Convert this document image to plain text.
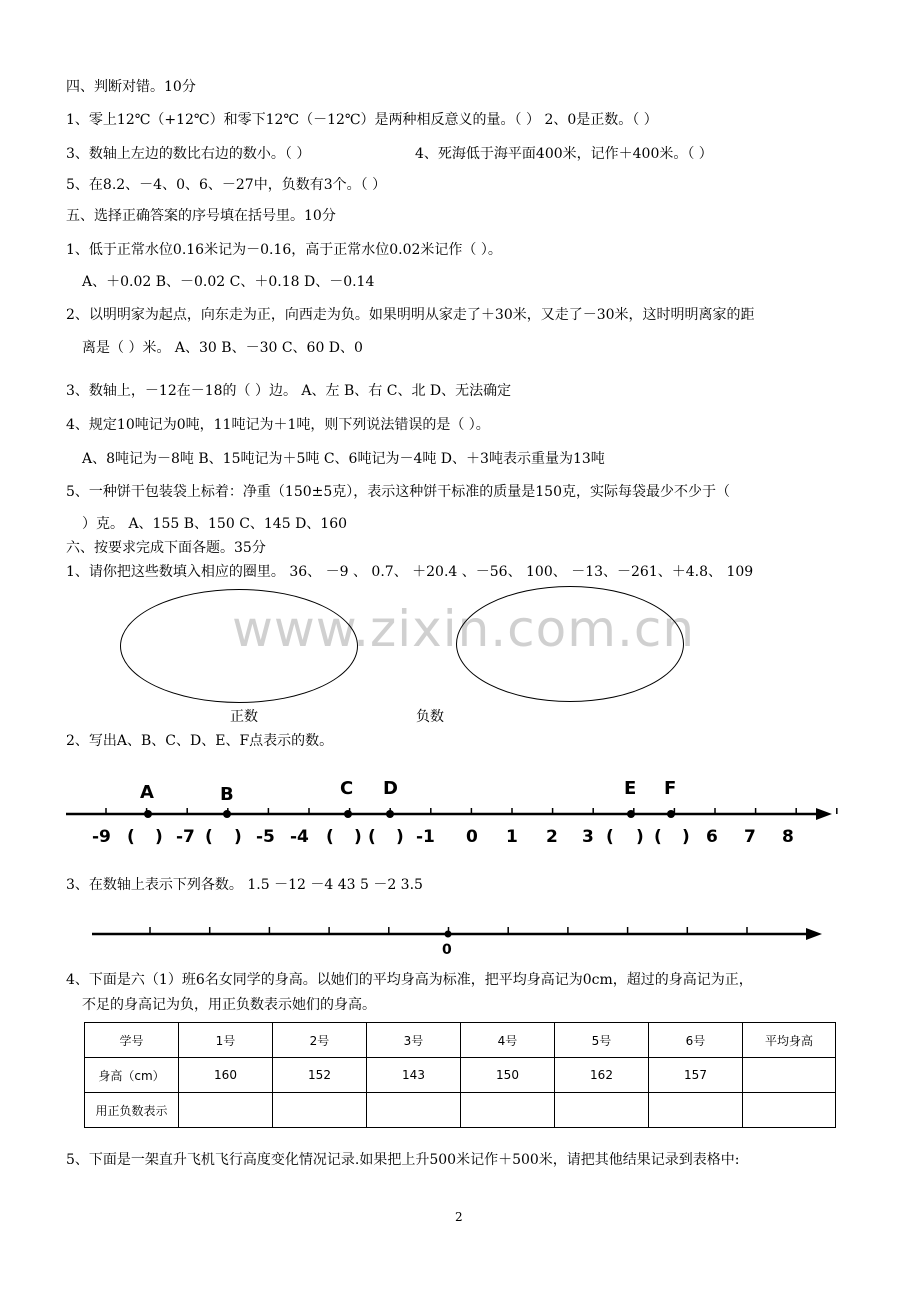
www.zixin.com.cn
四、判断对错。10分
1、零上12℃（+12℃）和零下12℃（－12℃）是两种相反意义的量。（ ） 2、0是正数。（ ）
3、数轴上左边的数比右边的数小。（ ）	4、死海低于海平面400米，记作＋400米。（ ）
5、在8.2、－4、0、6、－27中，负数有3个。（ ）
五、选择正确答案的序号填在括号里。10分
1、低于正常水位0.16米记为－0.16，高于正常水位0.02米记作（ ）。
A、＋0.02 B、－0.02 C、＋0.18 D、－0.14
2、以明明家为起点，向东走为正，向西走为负。如果明明从家走了＋30米，又走了－30米，这时明明离家的距
离是（ ）米。 A、30 B、－30 C、60 D、0
3、数轴上，－12在－18的（ ）边。 A、左 B、右 C、北 D、无法确定
4、规定10吨记为0吨，11吨记为＋1吨，则下列说法错误的是（ ）。
A、8吨记为－8吨 B、15吨记为＋5吨 C、6吨记为－4吨 D、＋3吨表示重量为13吨
5、一种饼干包装袋上标着：净重（150±5克），表示这种饼干标准的质量是150克，实际每袋最少不少于（
）克。 A、155 B、150 C、145 D、160
六、按要求完成下面各题。35分
1、请你把这些数填入相应的圈里。 36、 －9 、 0.7、 ＋20.4 、－56、 100、 －13、－261、＋4.8、 109
正数	负数
2、写出A、B、C、D、E、F点表示的数。
A	B	C D	E F
-9 ( ) -7 ( ) -5 -4 ( ) ( ) -1 0 1 2 3 ( ) ( ) 6 7 8
3、在数轴上表示下列各数。 1.5 －12 －4 43 5 －2 3.5
0
4、下面是六（1）班6名女同学的身高。以她们的平均身高为标准，把平均身高记为0cm，超过的身高记为正，
不足的身高记为负，用正负数表示她们的身高。
学号	1号	2号	3号	4号	5号	6号	平均身高
身高（cm）	160	152	143	150	162	157	
用正负数表示							
5、下面是一架直升飞机飞行高度变化情况记录.如果把上升500米记作＋500米，请把其他结果记录到表格中:
2
